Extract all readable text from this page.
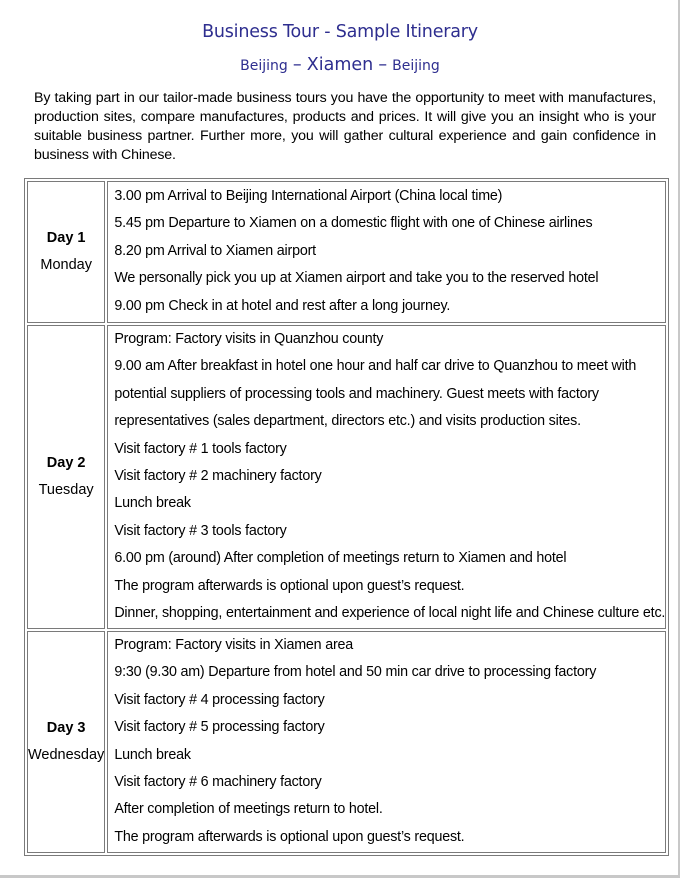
Business Tour - Sample Itinerary
Beijing – Xiamen – Beijing
By taking part in our tailor-made business tours you have the opportunity to meet with manufactures, production sites, compare manufactures, products and prices. It will give you an insight who is your suitable business partner. Further more, you will gather cultural experience and gain confidence in business with Chinese.
Day 1
Monday

3.00 pm Arrival to Beijing International Airport (China local time)
5.45 pm Departure to Xiamen on a domestic flight with one of Chinese airlines
8.20 pm Arrival to Xiamen airport
We personally pick you up at Xiamen airport and take you to the reserved hotel
9.00 pm Check in at hotel and rest after a long journey.

Day 2
Tuesday

Program: Factory visits in Quanzhou county
9.00 am After breakfast in hotel one hour and half car drive to Quanzhou to meet with
potential suppliers of processing tools and machinery. Guest meets with factory
representatives (sales department, directors etc.) and visits production sites.
Visit factory # 1 tools factory
Visit factory # 2 machinery factory
Lunch break
Visit factory # 3 tools factory
6.00 pm (around) After completion of meetings return to Xiamen and hotel
The program afterwards is optional upon guest’s request.
Dinner, shopping, entertainment and experience of local night life and Chinese culture etc.

Day 3
Wednesday

Program: Factory visits in Xiamen area
9:30 (9.30 am) Departure from hotel and 50 min car drive to processing factory
Visit factory # 4 processing factory
Visit factory # 5 processing factory
Lunch break
Visit factory # 6 machinery factory
After completion of meetings return to hotel.
The program afterwards is optional upon guest’s request.
